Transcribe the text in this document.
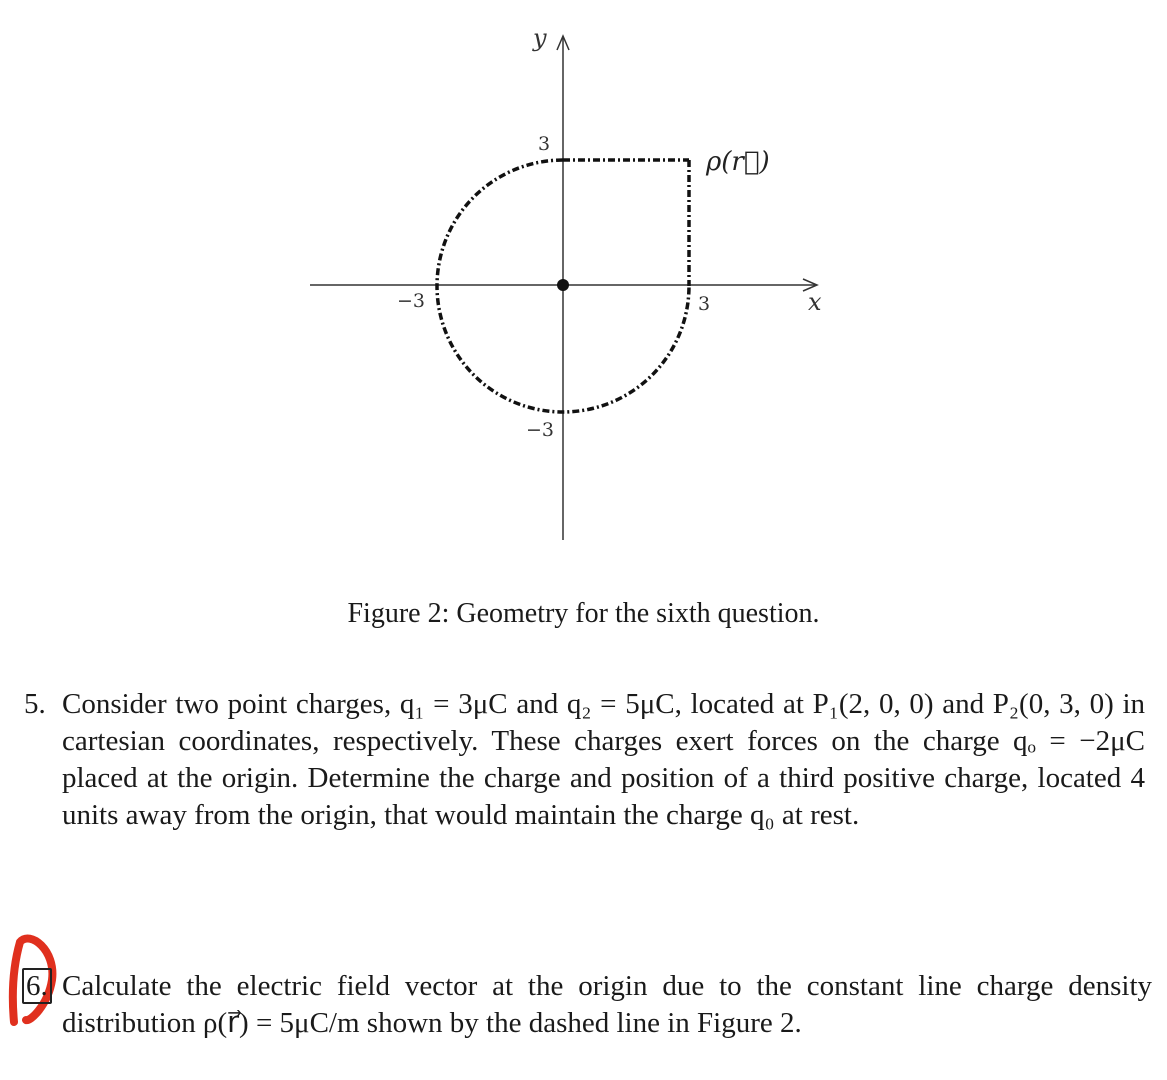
y
x
3
−3
3
−3
ρ(r⃗)
Figure 2: Geometry for the sixth question.
5. Consider two point charges, q₁ = 3μC and q₂ = 5μC, located at P₁(2, 0, 0) and P₂(0, 3, 0) in cartesian coordinates, respectively. These charges exert forces on the charge qₒ = −2μC placed at the origin. Determine the charge and position of a third positive charge, located 4 units away from the origin, that would maintain the charge q₀ at rest.
6. Calculate the electric field vector at the origin due to the constant line charge density distribution ρ(r⃗) = 5μC/m shown by the dashed line in Figure 2.
